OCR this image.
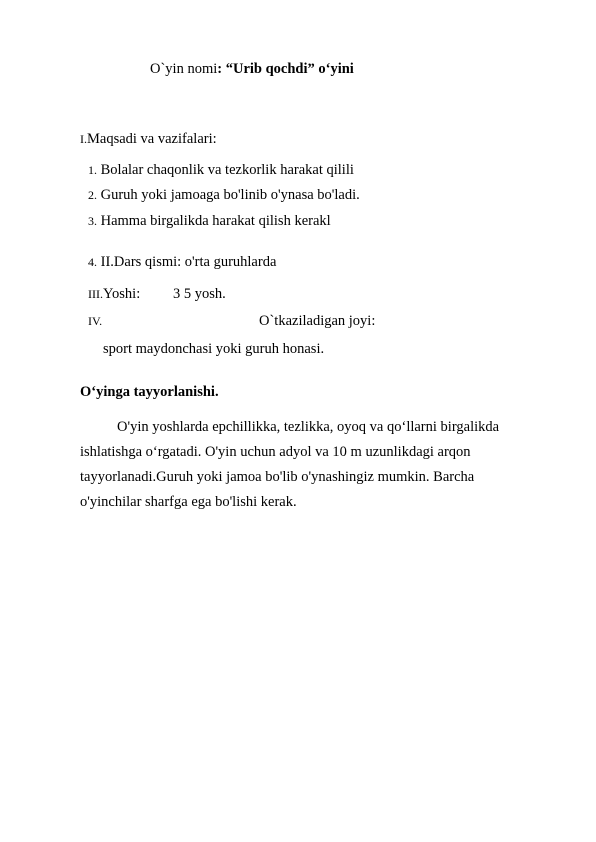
O`yin nomi: “Urib qochdi” o‘yini
I.Maqsadi va vazifalari:
1. Bolalar chaqonlik va tezkorlik harakat qilili
2. Guruh yoki jamoaga bo'linib o'ynasa bo'ladi.
3. Hamma birgalikda harakat qilish kerakl
4. II.Dars qismi: o'rta guruhlarda
III.Yoshi: 3 5 yosh.
IV.	O`tkaziladigan joyi:
sport maydonchasi yoki guruh honasi.
O‘yinga tayyorlanishi.

O'yin yoshlarda epchillikka, tezlikka, oyoq va qo‘llarni birgalikda

ishlatishga o‘rgatadi. O'yin uchun adyol va 10 m uzunlikdagi arqon

tayyorlanadi.Guruh yoki jamoa bo'lib o'ynashingiz mumkin. Barcha

o'yinchilar sharfga ega bo'lishi kerak.
